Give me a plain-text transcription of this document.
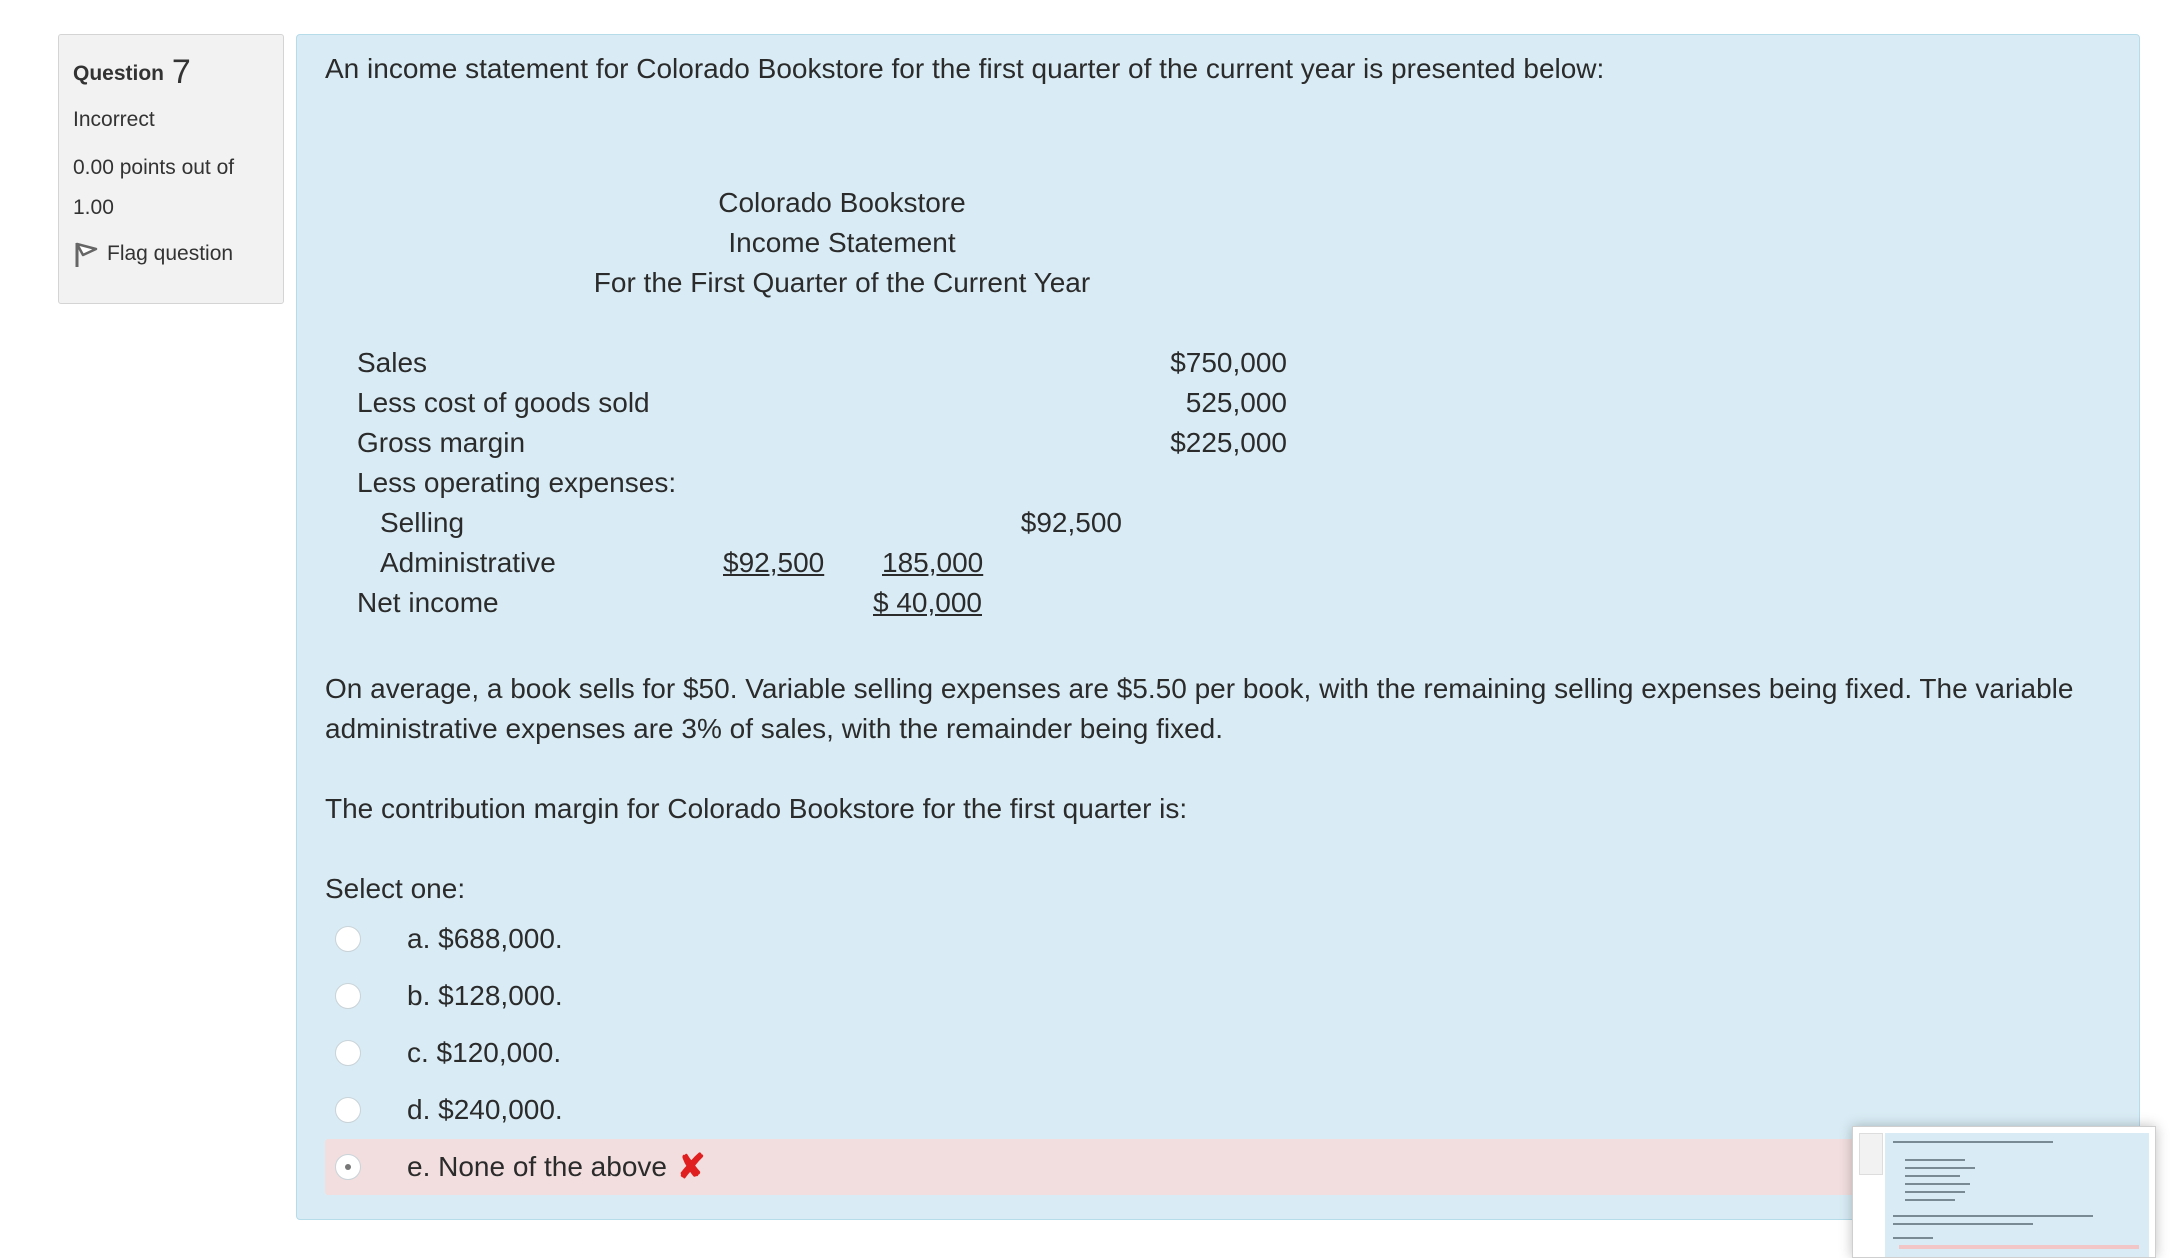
Question 7
Incorrect
0.00 points out of
1.00
Flag question
An income statement for Colorado Bookstore for the first quarter of the current year is presented below:
Colorado Bookstore
Income Statement
For the First Quarter of the Current Year
Sales	$750,000
Less cost of goods sold	525,000
Gross margin	$225,000
Less operating expenses:
Selling	$92,500
Administrative	$92,500 185,000
Net income	$ 40,000
On average, a book sells for $50. Variable selling expenses are $5.50 per book, with the remaining selling expenses being fixed. The variable administrative expenses are 3% of sales, with the remainder being fixed.
The contribution margin for Colorado Bookstore for the first quarter is:
Select one:
a. $688,000.
b. $128,000.
c. $120,000.
d. $240,000.
e. None of the above ✘
